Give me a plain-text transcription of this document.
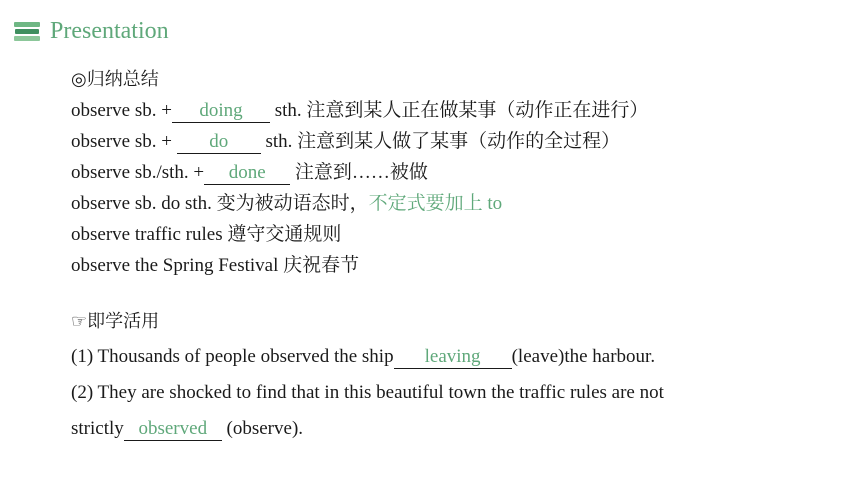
Presentation
◎归纳总结
observe sb. + doing sth. 注意到某人正在做某事（动作正在进行）
observe sb. + do sth. 注意到某人做了某事（动作的全过程）
observe sb./sth. + done 注意到……被做
observe sb. do sth. 变为被动语态时，不定式要加上 to
observe traffic rules 遵守交通规则
observe the Spring Festival 庆祝春节
☞即学活用
(1) Thousands of people observed the ship leaving (leave)the harbour.
(2) They are shocked to find that in this beautiful town the traffic rules are not
strictly observed (observe).
